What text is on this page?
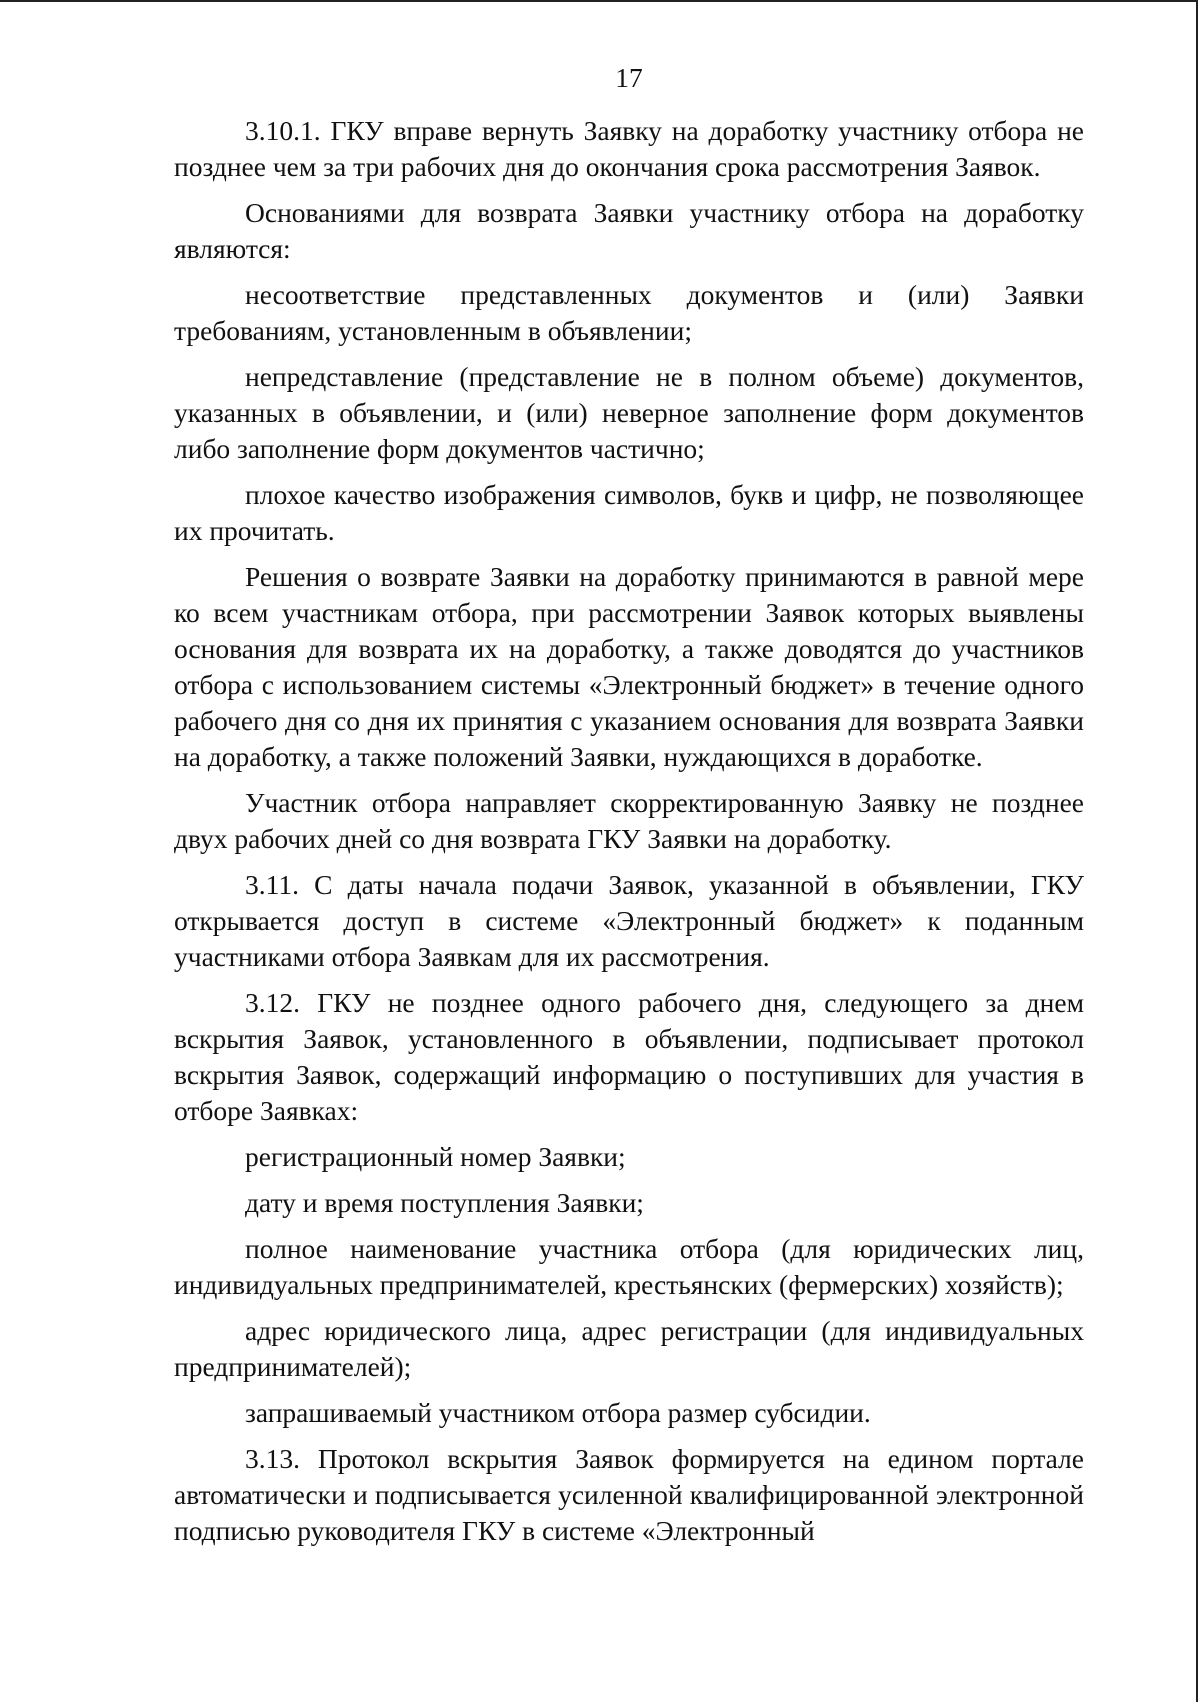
17

3.10.1. ГКУ вправе вернуть Заявку на доработку участнику отбора не позднее чем за три рабочих дня до окончания срока рассмотрения Заявок.

Основаниями для возврата Заявки участнику отбора на доработку являются:

несоответствие представленных документов и (или) Заявки требованиям, установленным в объявлении;

непредставление (представление не в полном объеме) документов, указанных в объявлении, и (или) неверное заполнение форм документов либо заполнение форм документов частично;

плохое качество изображения символов, букв и цифр, не позволяющее их прочитать.

Решения о возврате Заявки на доработку принимаются в равной мере ко всем участникам отбора, при рассмотрении Заявок которых выявлены основания для возврата их на доработку, а также доводятся до участников отбора с использованием системы «Электронный бюджет» в течение одного рабочего дня со дня их принятия с указанием основания для возврата Заявки на доработку, а также положений Заявки, нуждающихся в доработке.

Участник отбора направляет скорректированную Заявку не позднее двух рабочих дней со дня возврата ГКУ Заявки на доработку.

3.11. С даты начала подачи Заявок, указанной в объявлении, ГКУ открывается доступ в системе «Электронный бюджет» к поданным участниками отбора Заявкам для их рассмотрения.

3.12. ГКУ не позднее одного рабочего дня, следующего за днем вскрытия Заявок, установленного в объявлении, подписывает протокол вскрытия Заявок, содержащий информацию о поступивших для участия в отборе Заявках:

регистрационный номер Заявки;

дату и время поступления Заявки;

полное наименование участника отбора (для юридических лиц, индивидуальных предпринимателей, крестьянских (фермерских) хозяйств);

адрес юридического лица, адрес регистрации (для индивидуальных предпринимателей);

запрашиваемый участником отбора размер субсидии.

3.13. Протокол вскрытия Заявок формируется на едином портале автоматически и подписывается усиленной квалифицированной электронной подписью руководителя ГКУ в системе «Электронный
